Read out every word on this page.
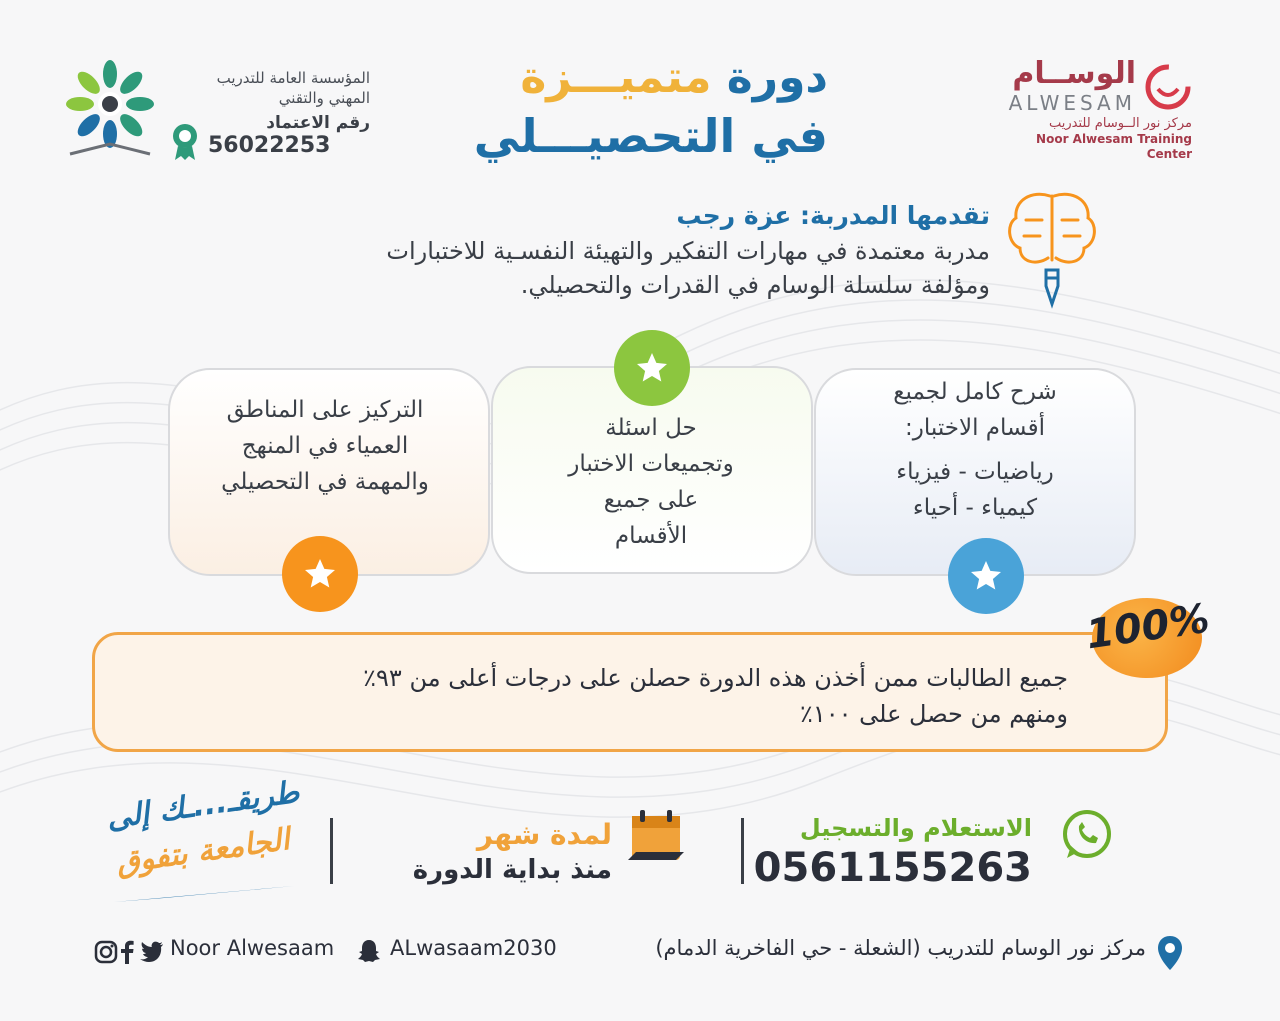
الوســام
ALWESAM
مركز نور الــوسام للتدريب
Noor Alwesam Training Center
دورة متميـــزة
في التحصيـــلي
المؤسسة العامة للتدريب
المهني والتقني
رقم الاعتماد
56022253
تقدمها المدربة: عزة رجب
مدربة معتمدة في مهارات التفكير والتهيئة النفسـية للاختبارات
ومؤلفة سلسلة الوسام في القدرات والتحصيلي.
شرح كامل لجميع
أقسام الاختبار:
رياضيات - فيزياء
كيمياء - أحياء
حل اسئلة
وتجميعات الاختبار
على جميع
الأقسام
التركيز على المناطق
العمياء في المنهج
والمهمة في التحصيلي
جميع الطالبات ممن أخذن هذه الدورة حصلن على درجات أعلى من ٩٣٪
ومنهم من حصل على ١٠٠٪
100%
الاستعلام والتسجيل
0561155263
لمدة شهر
منذ بداية الدورة
طريقـ...ـك إلى
الجامعة بتفوق
مركز نور الوسام للتدريب (الشعلة - حي الفاخرية الدمام)
ALwasaam2030
Noor Alwesaam
